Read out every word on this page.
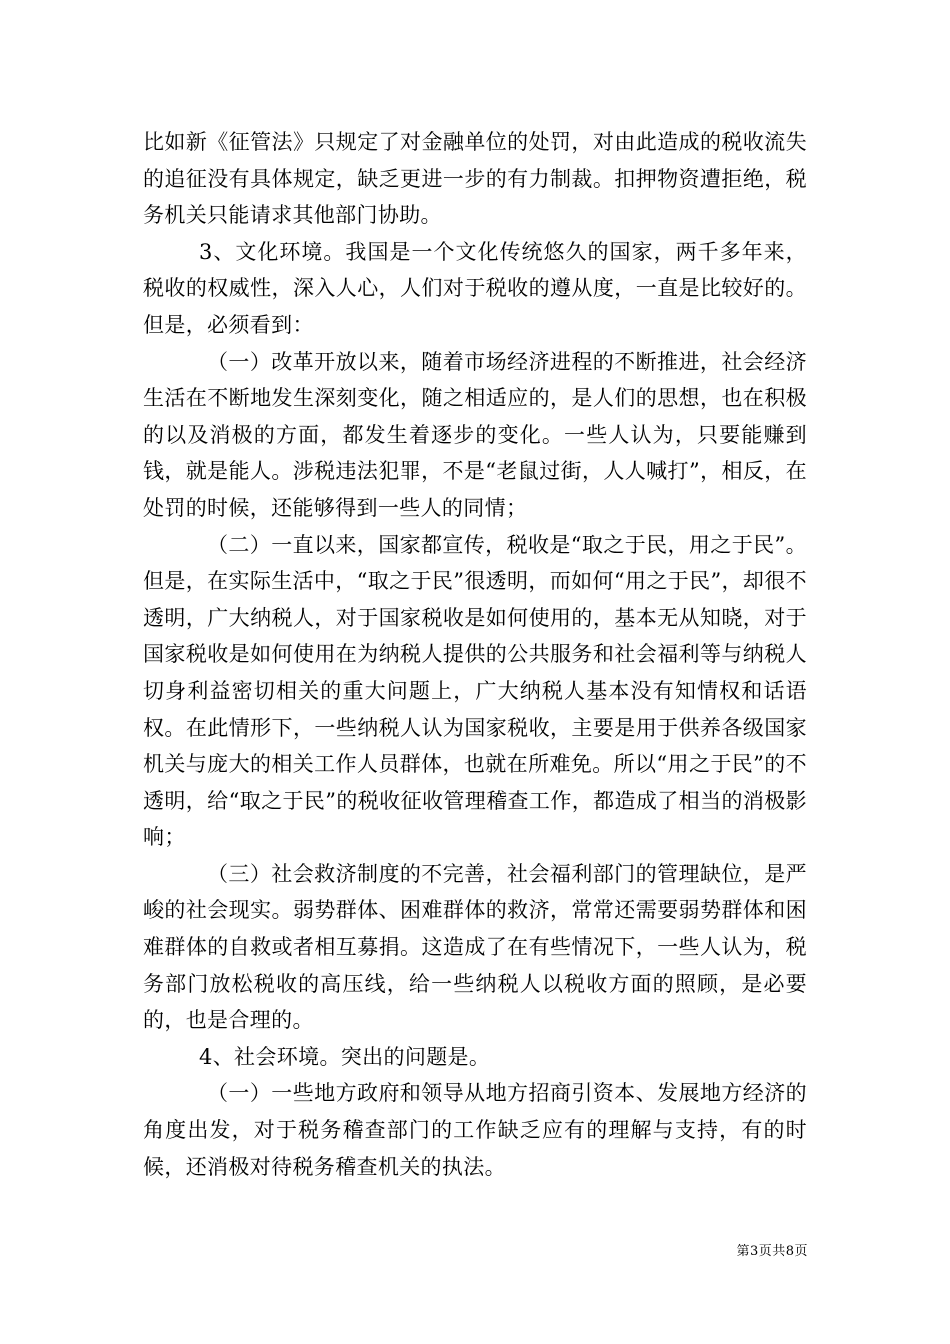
比如新《征管法》只规定了对金融单位的处罚，对由此造成的税收流失的追征没有具体规定，缺乏更进一步的有力制裁。扣押物资遭拒绝，税务机关只能请求其他部门协助。

3、文化环境。我国是一个文化传统悠久的国家，两千多年来，税收的权威性，深入人心，人们对于税收的遵从度，一直是比较好的。但是，必须看到：

（一）改革开放以来，随着市场经济进程的不断推进，社会经济生活在不断地发生深刻变化，随之相适应的，是人们的思想，也在积极的以及消极的方面，都发生着逐步的变化。一些人认为，只要能赚到钱，就是能人。涉税违法犯罪，不是“老鼠过街，人人喊打”，相反，在处罚的时候，还能够得到一些人的同情；

（二）一直以来，国家都宣传，税收是“取之于民，用之于民”。但是，在实际生活中，“取之于民”很透明，而如何“用之于民”，却很不透明，广大纳税人，对于国家税收是如何使用的，基本无从知晓，对于国家税收是如何使用在为纳税人提供的公共服务和社会福利等与纳税人切身利益密切相关的重大问题上，广大纳税人基本没有知情权和话语权。在此情形下，一些纳税人认为国家税收，主要是用于供养各级国家机关与庞大的相关工作人员群体，也就在所难免。所以“用之于民”的不透明，给“取之于民”的税收征收管理稽查工作，都造成了相当的消极影响；

（三）社会救济制度的不完善，社会福利部门的管理缺位，是严峻的社会现实。弱势群体、困难群体的救济，常常还需要弱势群体和困难群体的自救或者相互募捐。这造成了在有些情况下，一些人认为，税务部门放松税收的高压线，给一些纳税人以税收方面的照顾，是必要的，也是合理的。

4、社会环境。突出的问题是。

（一）一些地方政府和领导从地方招商引资本、发展地方经济的角度出发，对于税务稽查部门的工作缺乏应有的理解与支持，有的时候，还消极对待税务稽查机关的执法。

第3页共8页
